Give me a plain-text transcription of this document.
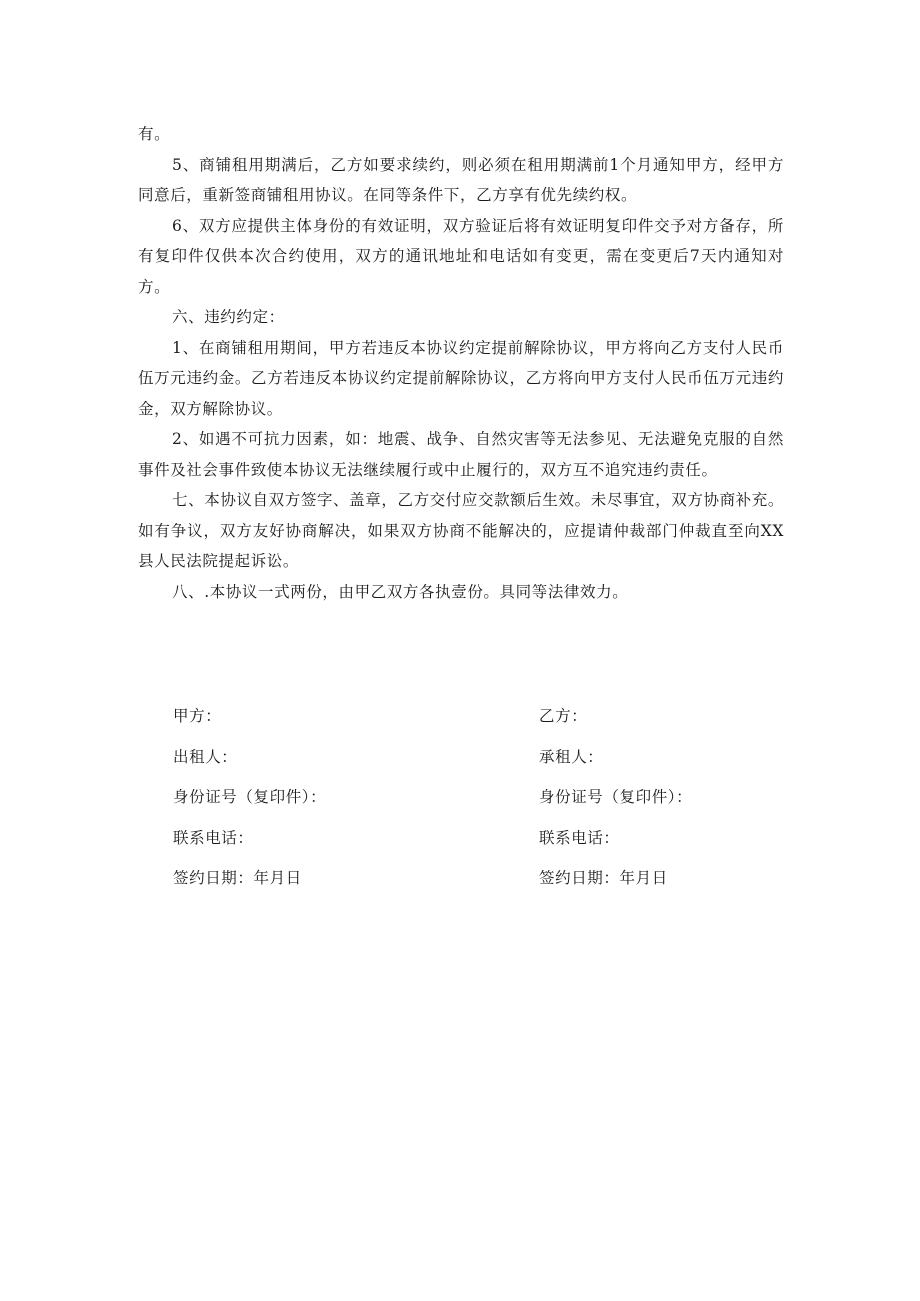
有。

5、商铺租用期满后，乙方如要求续约，则必须在租用期满前1个月通知甲方，经甲方同意后，重新签商铺租用协议。在同等条件下，乙方享有优先续约权。

6、双方应提供主体身份的有效证明，双方验证后将有效证明复印件交予对方备存，所有复印件仅供本次合约使用，双方的通讯地址和电话如有变更，需在变更后7天内通知对方。

六、违约约定：

1、在商铺租用期间，甲方若违反本协议约定提前解除协议，甲方将向乙方支付人民币伍万元违约金。乙方若违反本协议约定提前解除协议，乙方将向甲方支付人民币伍万元违约金，双方解除协议。

2、如遇不可抗力因素，如：地震、战争、自然灾害等无法参见、无法避免克服的自然事件及社会事件致使本协议无法继续履行或中止履行的，双方互不追究违约责任。

七、本协议自双方签字、盖章，乙方交付应交款额后生效。未尽事宜，双方协商补充。如有争议，双方友好协商解决，如果双方协商不能解决的，应提请仲裁部门仲裁直至向XX县人民法院提起诉讼。

八、.本协议一式两份，由甲乙双方各执壹份。具同等法律效力。

甲方：	乙方：
出租人：	承租人：
身份证号（复印件）：	身份证号（复印件）：
联系电话：	联系电话：
签约日期：年月日	签约日期：年月日
